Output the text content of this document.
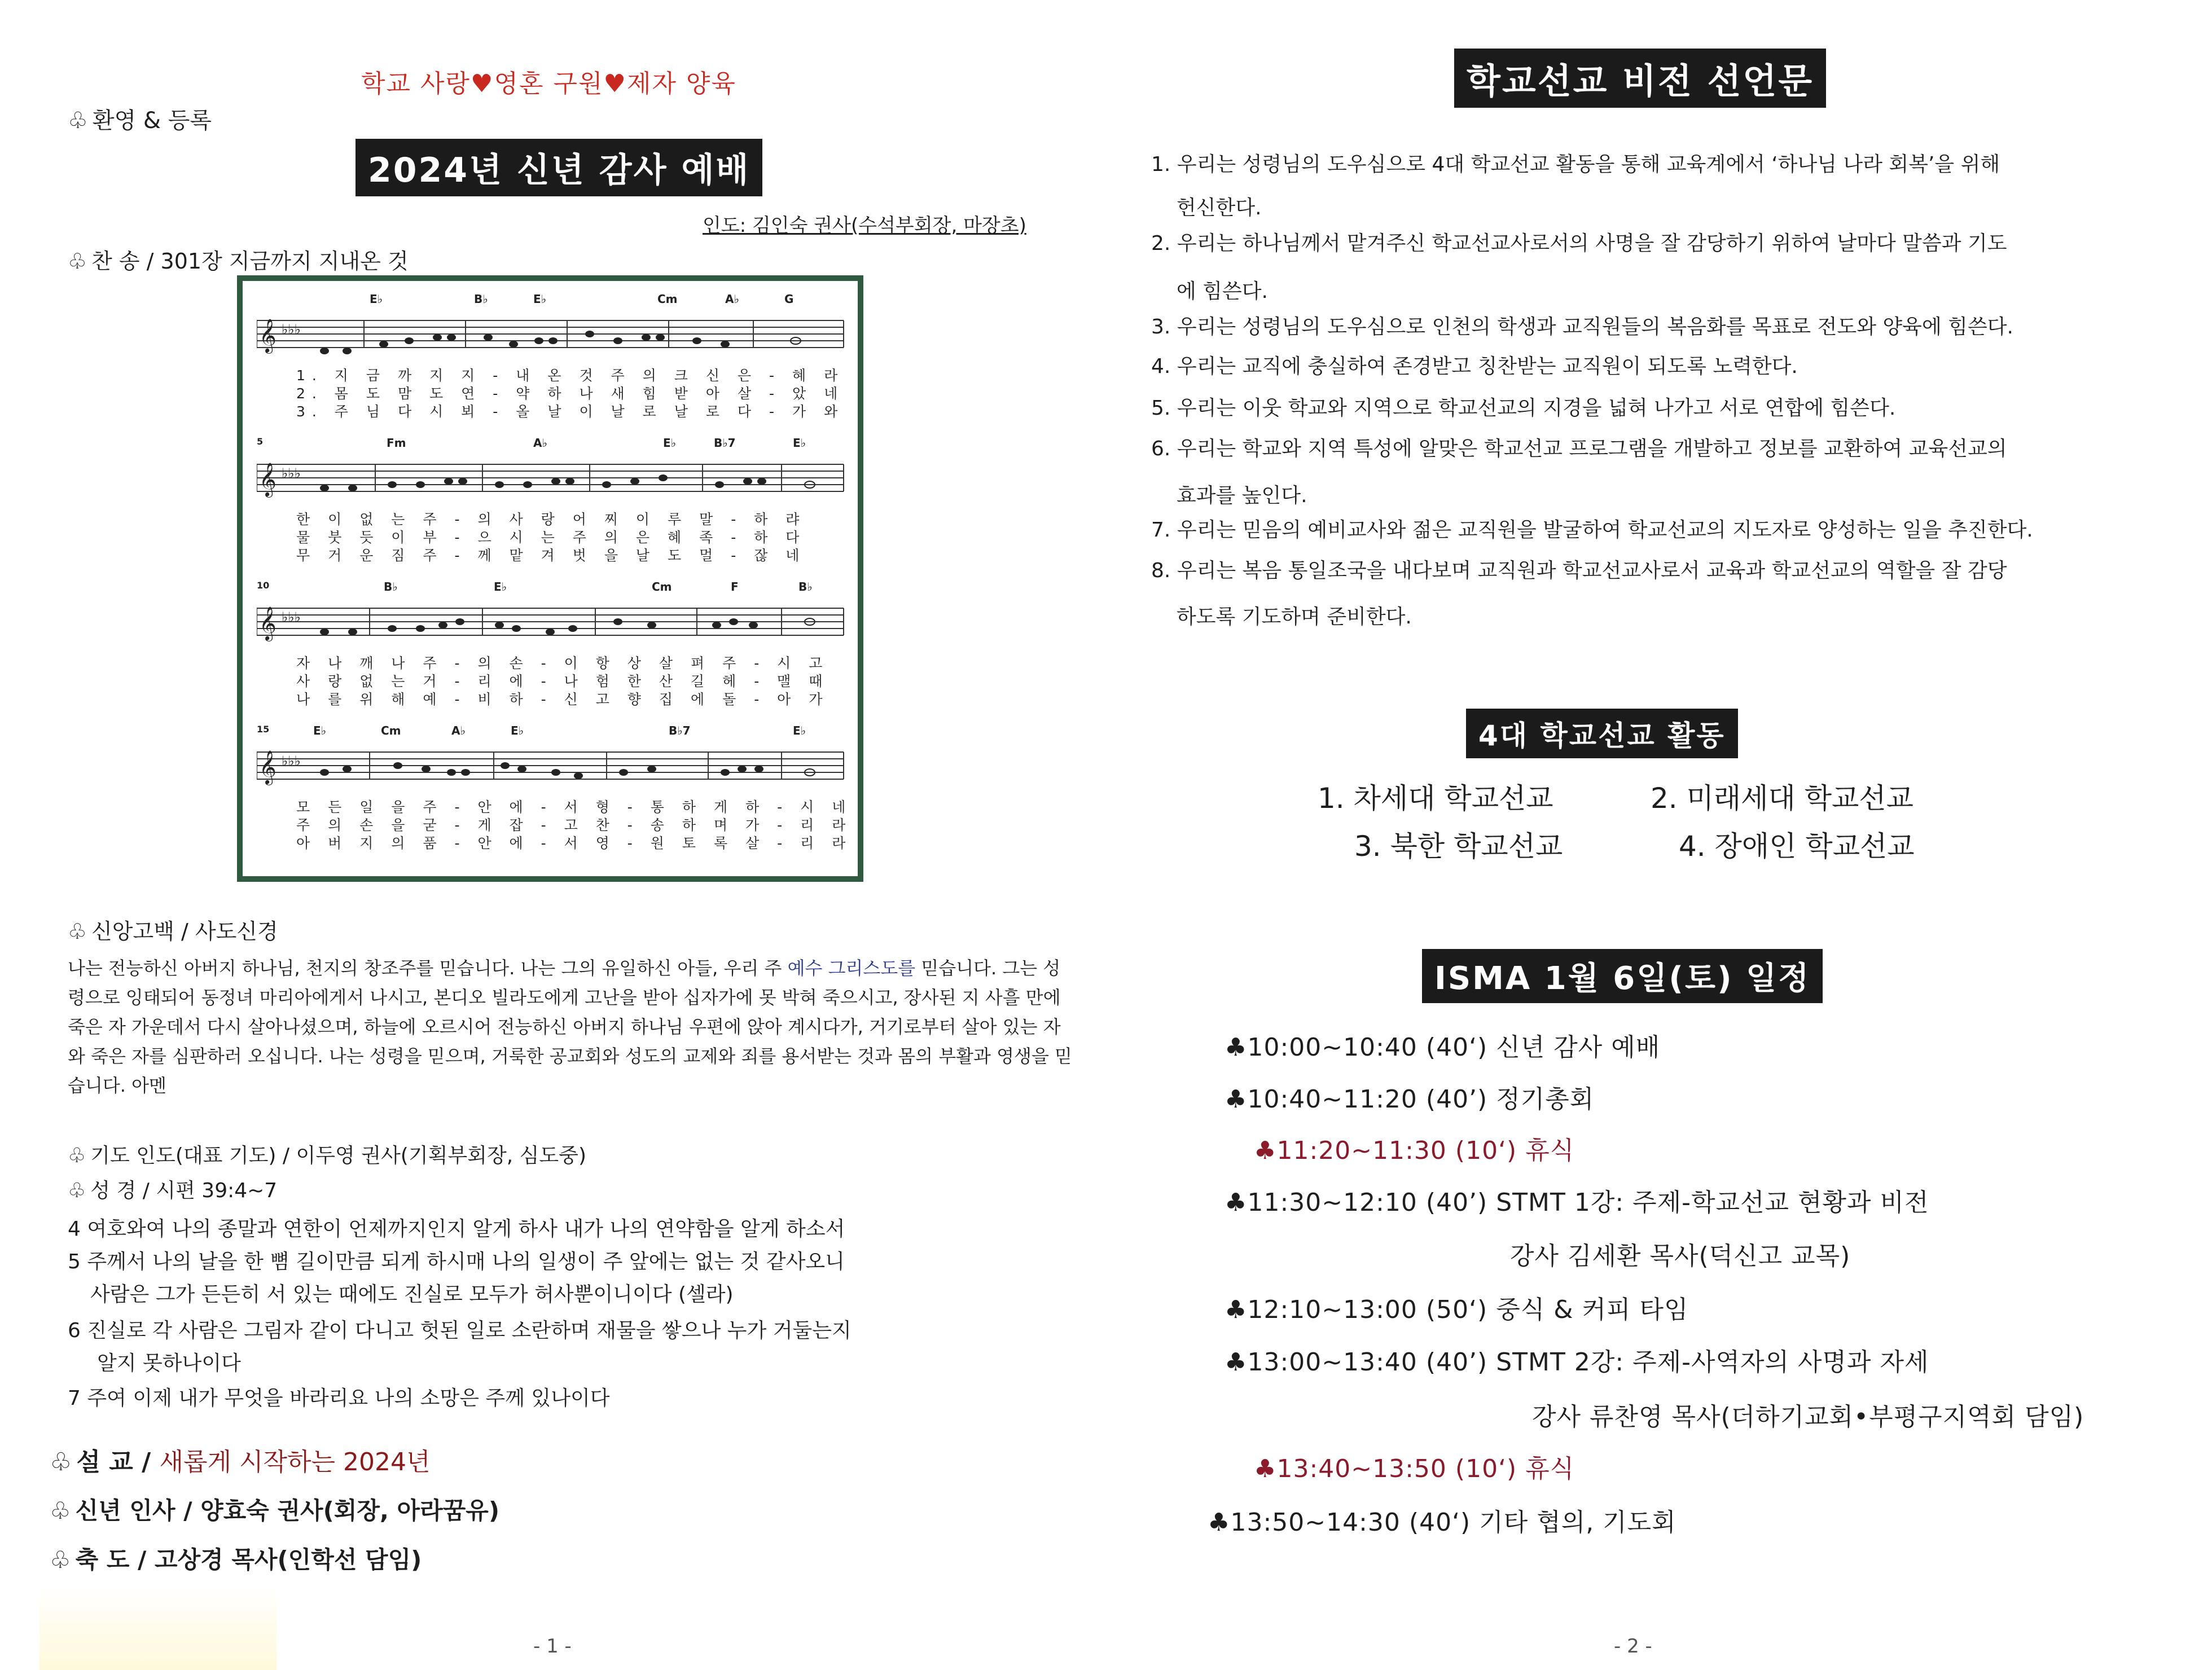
학교 사랑♥영혼 구원♥제자 양육
♧ 환영 & 등록
2024년 신년 감사 예배
인도: 김인숙 권사(수석부회장, 마장초)
♧ 찬 송 / 301장 지금까지 지내온 것
E♭	B♭	E♭	Cm	A♭	G
𝄞 ♭♭♭
1. 지 금 까 지 지 - 내 온 것 주 의 크 신 은 - 혜 라
2. 몸 도 맘 도 연 - 약 하 나 새 힘 받 아 살 - 았 네
3. 주 님 다 시 뵈 - 올 날 이 날 로 날 로 다 - 가 와
5	Fm	A♭	E♭	B♭7	E♭
𝄞 ♭♭♭
한 이 없 는 주 - 의 사 랑 어 찌 이 루 말 - 하 랴
물 붓 듯 이 부 - 으 시 는 주 의 은 혜 족 - 하 다
무 거 운 짐 주 - 께 맡 겨 벗 을 날 도 멀 - 잖 네
10	B♭	E♭	Cm	F	B♭
𝄞 ♭♭♭
자 나 깨 나 주 - 의 손 - 이 항 상 살 펴 주 - 시 고
사 랑 없 는 거 - 리 에 - 나 험 한 산 길 헤 - 맬 때
나 를 위 해 예 - 비 하 - 신 고 향 집 에 돌 - 아 가
15	E♭	Cm	A♭	E♭	B♭7	E♭
𝄞 ♭♭♭
모 든 일 을 주 - 안 에 - 서 형 - 통 하 게 하 - 시 네
주 의 손 을 굳 - 게 잡 - 고 찬 - 송 하 며 가 - 리 라
아 버 지 의 품 - 안 에 - 서 영 - 원 토 록 살 - 리 라
♧ 신앙고백 / 사도신경
나는 전능하신 아버지 하나님, 천지의 창조주를 믿습니다. 나는 그의 유일하신 아들, 우리 주 예수 그리스도를 믿습니다. 그는 성령으로 잉태되어 동정녀 마리아에게서 나시고, 본디오 빌라도에게 고난을 받아 십자가에 못 박혀 죽으시고, 장사된 지 사흘 만에 죽은 자 가운데서 다시 살아나셨으며, 하늘에 오르시어 전능하신 아버지 하나님 우편에 앉아 계시다가, 거기로부터 살아 있는 자와 죽은 자를 심판하러 오십니다. 나는 성령을 믿으며, 거룩한 공교회와 성도의 교제와 죄를 용서받는 것과 몸의 부활과 영생을 믿습니다. 아멘
♧ 기도 인도(대표 기도) / 이두영 권사(기획부회장, 심도중)
♧ 성 경 / 시편 39:4~7
4 여호와여 나의 종말과 연한이 언제까지인지 알게 하사 내가 나의 연약함을 알게 하소서
5 주께서 나의 날을 한 뼘 길이만큼 되게 하시매 나의 일생이 주 앞에는 없는 것 같사오니
사람은 그가 든든히 서 있는 때에도 진실로 모두가 허사뿐이니이다 (셀라)
6 진실로 각 사람은 그림자 같이 다니고 헛된 일로 소란하며 재물을 쌓으나 누가 거둘는지
알지 못하나이다
7 주여 이제 내가 무엇을 바라리요 나의 소망은 주께 있나이다
♧ 설 교 / 새롭게 시작하는 2024년
♧ 신년 인사 / 양효숙 권사(회장, 아라꿈유)
♧ 축 도 / 고상경 목사(인학선 담임)
- 1 -
학교선교 비전 선언문
1. 우리는 성령님의 도우심으로 4대 학교선교 활동을 통해 교육계에서 ‘하나님 나라 회복’을 위해
헌신한다.
2. 우리는 하나님께서 맡겨주신 학교선교사로서의 사명을 잘 감당하기 위하여 날마다 말씀과 기도
에 힘쓴다.
3. 우리는 성령님의 도우심으로 인천의 학생과 교직원들의 복음화를 목표로 전도와 양육에 힘쓴다.
4. 우리는 교직에 충실하여 존경받고 칭찬받는 교직원이 되도록 노력한다.
5. 우리는 이웃 학교와 지역으로 학교선교의 지경을 넓혀 나가고 서로 연합에 힘쓴다.
6. 우리는 학교와 지역 특성에 알맞은 학교선교 프로그램을 개발하고 정보를 교환하여 교육선교의
효과를 높인다.
7. 우리는 믿음의 예비교사와 젊은 교직원을 발굴하여 학교선교의 지도자로 양성하는 일을 추진한다.
8. 우리는 복음 통일조국을 내다보며 교직원과 학교선교사로서 교육과 학교선교의 역할을 잘 감당
하도록 기도하며 준비한다.
4대 학교선교 활동
1. 차세대 학교선교	2. 미래세대 학교선교
3. 북한 학교선교	4. 장애인 학교선교
ISMA 1월 6일(토) 일정
♣10:00~10:40 (40‘) 신년 감사 예배
♣10:40~11:20 (40’) 정기총회
♣11:20~11:30 (10‘) 휴식
♣11:30~12:10 (40’) STMT 1강: 주제-학교선교 현황과 비전
강사 김세환 목사(덕신고 교목)
♣12:10~13:00 (50‘) 중식 & 커피 타임
♣13:00~13:40 (40’) STMT 2강: 주제-사역자의 사명과 자세
강사 류찬영 목사(더하기교회•부평구지역회 담임)
♣13:40~13:50 (10‘) 휴식
♣13:50~14:30 (40‘) 기타 협의, 기도회
- 2 -
